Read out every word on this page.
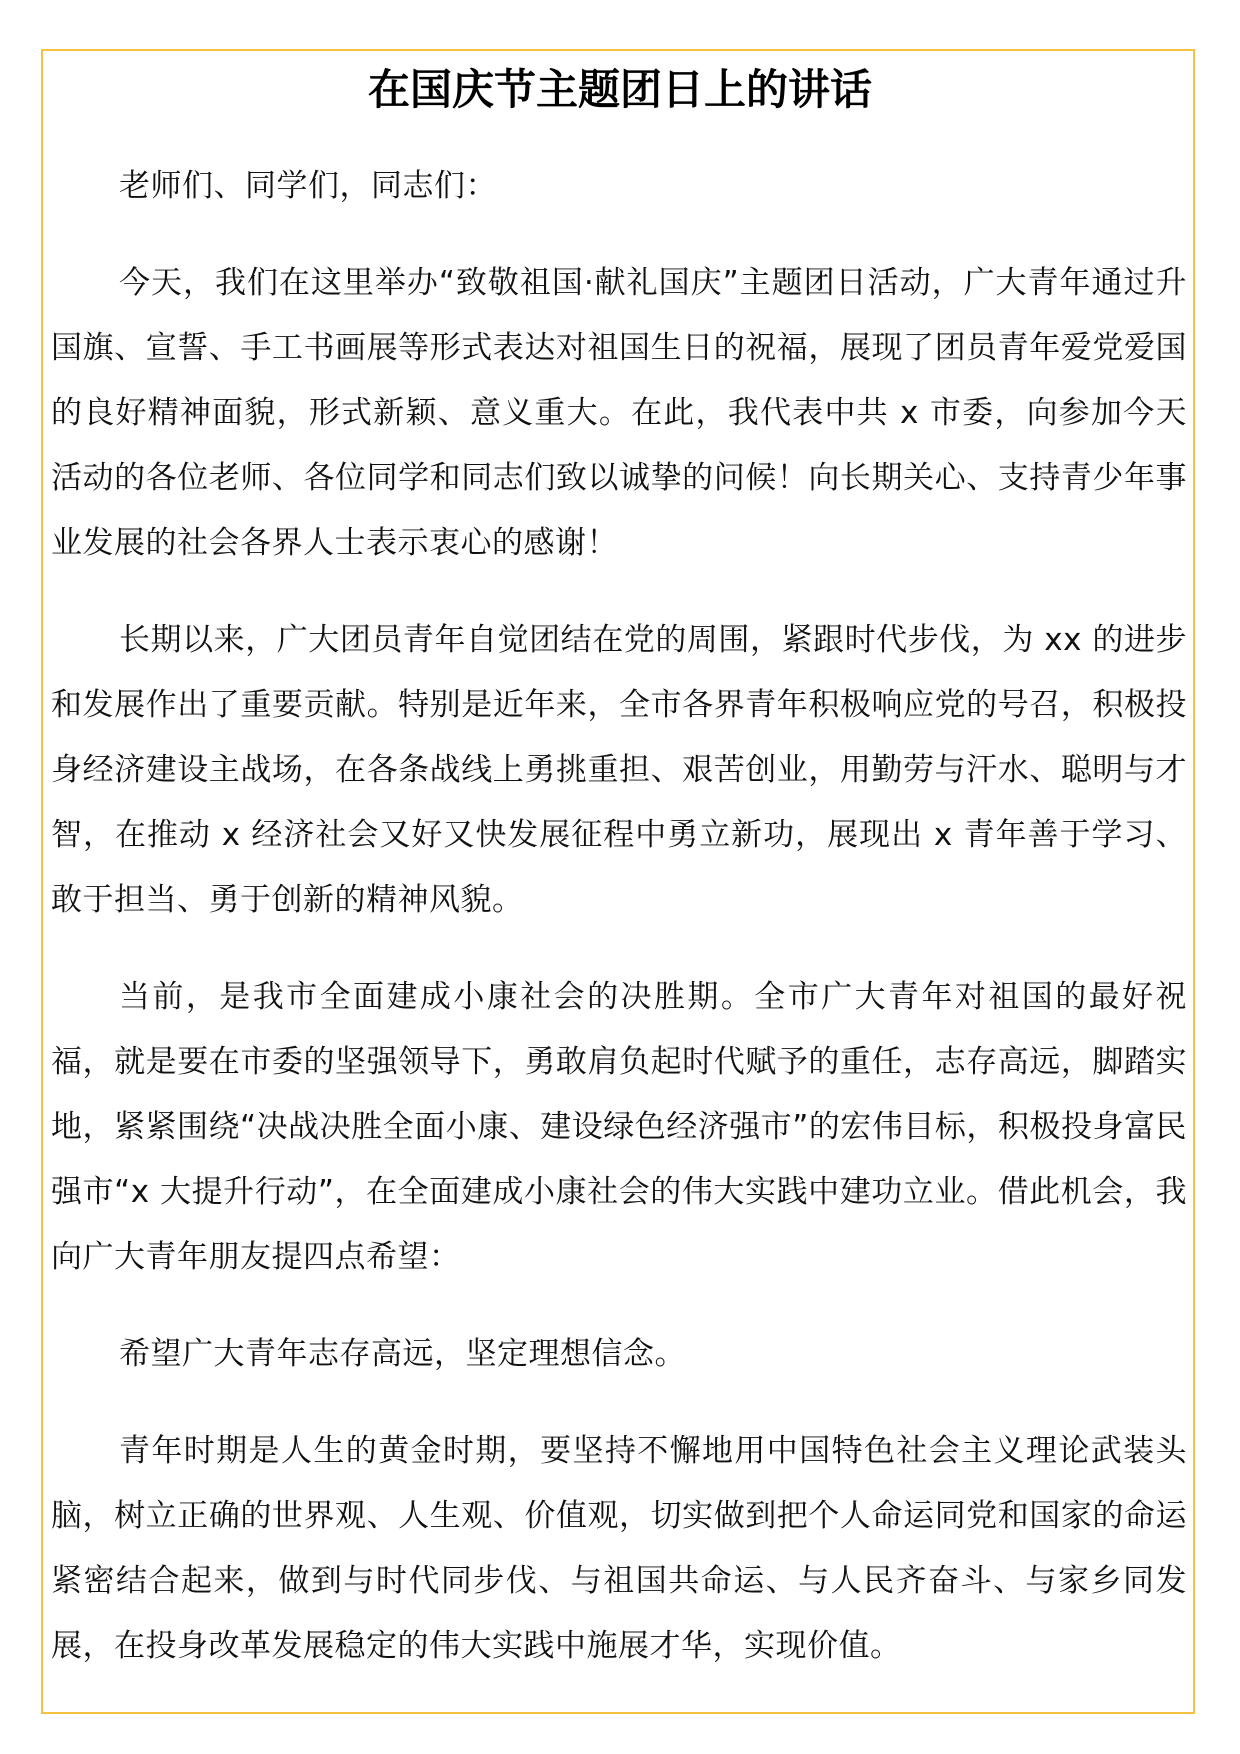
在国庆节主题团日上的讲话

老师们、同学们，同志们：

今天，我们在这里举办“致敬祖国·献礼国庆”主题团日活动，广大青年通过升国旗、宣誓、手工书画展等形式表达对祖国生日的祝福，展现了团员青年爱党爱国的良好精神面貌，形式新颖、意义重大。在此，我代表中共 x 市委，向参加今天活动的各位老师、各位同学和同志们致以诚挚的问候！向长期关心、支持青少年事业发展的社会各界人士表示衷心的感谢！

长期以来，广大团员青年自觉团结在党的周围，紧跟时代步伐，为 xx 的进步和发展作出了重要贡献。特别是近年来，全市各界青年积极响应党的号召，积极投身经济建设主战场，在各条战线上勇挑重担、艰苦创业，用勤劳与汗水、聪明与才智，在推动 x 经济社会又好又快发展征程中勇立新功，展现出 x 青年善于学习、敢于担当、勇于创新的精神风貌。

当前，是我市全面建成小康社会的决胜期。全市广大青年对祖国的最好祝福，就是要在市委的坚强领导下，勇敢肩负起时代赋予的重任，志存高远，脚踏实地，紧紧围绕“决战决胜全面小康、建设绿色经济强市”的宏伟目标，积极投身富民强市“x 大提升行动”，在全面建成小康社会的伟大实践中建功立业。借此机会，我向广大青年朋友提四点希望：

希望广大青年志存高远，坚定理想信念。

青年时期是人生的黄金时期，要坚持不懈地用中国特色社会主义理论武装头脑，树立正确的世界观、人生观、价值观，切实做到把个人命运同党和国家的命运紧密结合起来，做到与时代同步伐、与祖国共命运、与人民齐奋斗、与家乡同发展，在投身改革发展稳定的伟大实践中施展才华，实现价值。
